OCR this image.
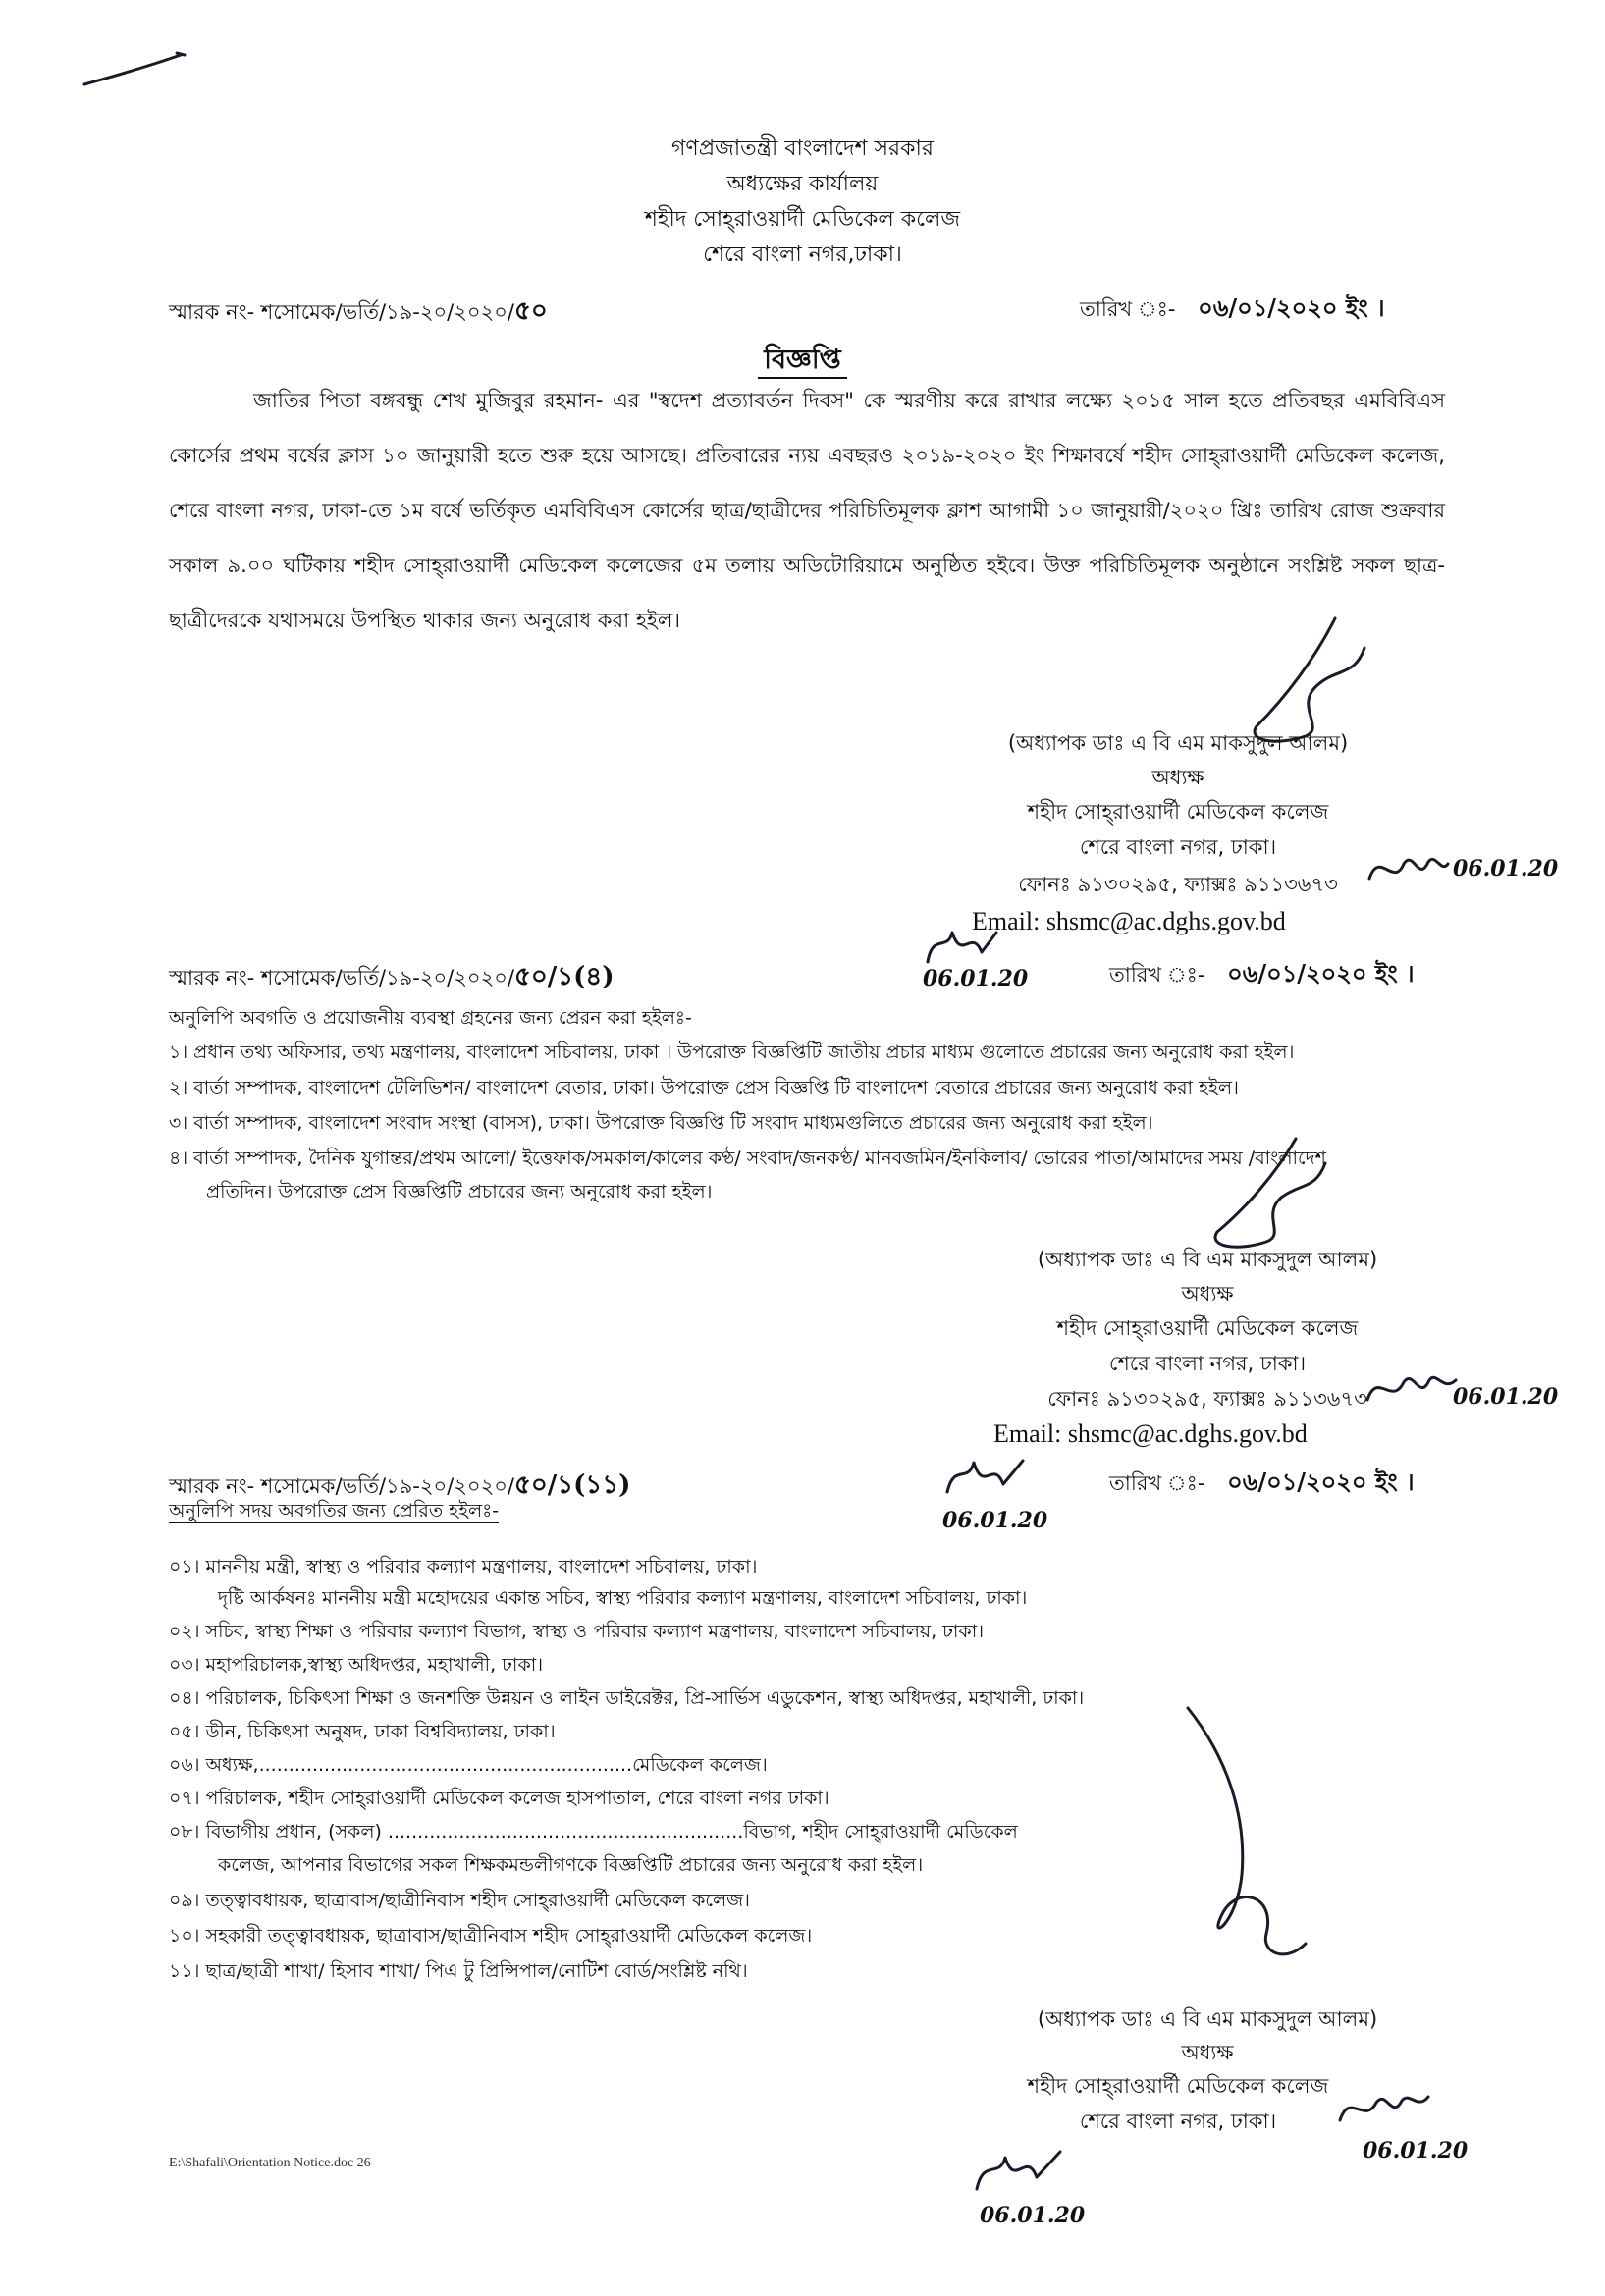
গণপ্রজাতন্ত্রী বাংলাদেশ সরকার
অধ্যক্ষের কার্যালয়
শহীদ সোহ্‌রাওয়ার্দী মেডিকেল কলেজ
শেরে বাংলা নগর,ঢাকা।
স্মারক নং- শসোমেক/ভর্তি/১৯-২০/২০২০/৫০	তারিখ ঃ- ০৬/০১/২০২০ ইং ।
বিজ্ঞপ্তি
জাতির পিতা বঙ্গবন্ধু শেখ মুজিবুর রহমান- এর "স্বদেশ প্রত্যাবর্তন দিবস" কে স্মরণীয় করে রাখার লক্ষ্যে ২০১৫ সাল হতে প্রতিবছর এমবিবিএস কোর্সের প্রথম বর্ষের ক্লাস ১০ জানুয়ারী হতে শুরু হয়ে আসছে। প্রতিবারের ন্যয় এবছরও ২০১৯-২০২০ ইং শিক্ষাবর্ষে শহীদ সোহ্‌রাওয়ার্দী মেডিকেল কলেজ, শেরে বাংলা নগর, ঢাকা-তে ১ম বর্ষে ভর্তিকৃত এমবিবিএস কোর্সের ছাত্র/ছাত্রীদের পরিচিতিমূলক ক্লাশ আগামী ১০ জানুয়ারী/২০২০ খ্রিঃ তারিখ রোজ শুক্রবার সকাল ৯.০০ ঘটিকায় শহীদ সোহ্‌রাওয়ার্দী মেডিকেল কলেজের ৫ম তলায় অডিটোরিয়ামে অনুষ্ঠিত হইবে। উক্ত পরিচিতিমূলক অনুষ্ঠানে সংশ্লিষ্ট সকল ছাত্র-ছাত্রীদেরকে যথাসময়ে উপস্থিত থাকার জন্য অনুরোধ করা হইল।
(অধ্যাপক ডাঃ এ বি এম মাকসুদুল আলম)
অধ্যক্ষ
শহীদ সোহ্‌রাওয়ার্দী মেডিকেল কলেজ
শেরে বাংলা নগর, ঢাকা।
ফোনঃ ৯১৩০২৯৫, ফ্যাক্সঃ ৯১১৩৬৭৩
Email: shsmc@ac.dghs.gov.bd
06.01.20
স্মারক নং- শসোমেক/ভর্তি/১৯-২০/২০২০/৫০/১(৪)	06.01.20	তারিখ ঃ- ০৬/০১/২০২০ ইং ।
অনুলিপি অবগতি ও প্রয়োজনীয় ব্যবস্থা গ্রহনের জন্য প্রেরন করা হইলঃ-
১। প্রধান তথ্য অফিসার, তথ্য মন্ত্রণালয়, বাংলাদেশ সচিবালয়, ঢাকা । উপরোক্ত বিজ্ঞপ্তিটি জাতীয় প্রচার মাধ্যম গুলোতে প্রচারের জন্য অনুরোধ করা হইল।
২। বার্তা সম্পাদক, বাংলাদেশ টেলিভিশন/ বাংলাদেশ বেতার, ঢাকা। উপরোক্ত প্রেস বিজ্ঞপ্তি টি বাংলাদেশ বেতারে প্রচারের জন্য অনুরোধ করা হইল।
৩। বার্তা সম্পাদক, বাংলাদেশ সংবাদ সংস্থা (বাসস), ঢাকা। উপরোক্ত বিজ্ঞপ্তি টি সংবাদ মাধ্যমগুলিতে প্রচারের জন্য অনুরোধ করা হইল।
৪। বার্তা সম্পাদক, দৈনিক যুগান্তর/প্রথম আলো/ ইত্তেফাক/সমকাল/কালের কণ্ঠ/ সংবাদ/জনকণ্ঠ/ মানবজমিন/ইনকিলাব/ ভোরের পাতা/আমাদের সময় /বাংলাদেশ
প্রতিদিন। উপরোক্ত প্রেস বিজ্ঞপ্তিটি প্রচারের জন্য অনুরোধ করা হইল।
(অধ্যাপক ডাঃ এ বি এম মাকসুদুল আলম)
অধ্যক্ষ
শহীদ সোহ্‌রাওয়ার্দী মেডিকেল কলেজ
শেরে বাংলা নগর, ঢাকা।
ফোনঃ ৯১৩০২৯৫, ফ্যাক্সঃ ৯১১৩৬৭৩
Email: shsmc@ac.dghs.gov.bd
06.01.20
স্মারক নং- শসোমেক/ভর্তি/১৯-২০/২০২০/৫০/১(১১)
06.01.20
তারিখ ঃ- ০৬/০১/২০২০ ইং ।
অনুলিপি সদয় অবগতির জন্য প্রেরিত হইলঃ-
০১। মাননীয় মন্ত্রী, স্বাস্থ্য ও পরিবার কল্যাণ মন্ত্রণালয়, বাংলাদেশ সচিবালয়, ঢাকা।
দৃষ্টি আর্কষনঃ মাননীয় মন্ত্রী মহোদয়ের একান্ত সচিব, স্বাস্থ্য পরিবার কল্যাণ মন্ত্রণালয়, বাংলাদেশ সচিবালয়, ঢাকা।
০২। সচিব, স্বাস্থ্য শিক্ষা ও পরিবার কল্যাণ বিভাগ, স্বাস্থ্য ও পরিবার কল্যাণ মন্ত্রণালয়, বাংলাদেশ সচিবালয়, ঢাকা।
০৩। মহাপরিচালক,স্বাস্থ্য অধিদপ্তর, মহাখালী, ঢাকা।
০৪। পরিচালক, চিকিৎসা শিক্ষা ও জনশক্তি উন্নয়ন ও লাইন ডাইরেক্টর, প্রি-সার্ভিস এডুকেশন, স্বাস্থ্য অধিদপ্তর, মহাখালী, ঢাকা।
০৫। ডীন, চিকিৎসা অনুষদ, ঢাকা বিশ্ববিদ্যালয়, ঢাকা।
০৬। অধ্যক্ষ,...............................................................মেডিকেল কলেজ।
০৭। পরিচালক, শহীদ সোহ্‌রাওয়ার্দী মেডিকেল কলেজ হাসপাতাল, শেরে বাংলা নগর ঢাকা।
০৮। বিভাগীয় প্রধান, (সকল) ............................................................বিভাগ, শহীদ সোহ্‌রাওয়ার্দী মেডিকেল
কলেজ, আপনার বিভাগের সকল শিক্ষকমন্ডলীগণকে বিজ্ঞপ্তিটি প্রচারের জন্য অনুরোধ করা হইল।
০৯। তত্ত্বাবধায়ক, ছাত্রাবাস/ছাত্রীনিবাস শহীদ সোহ্‌রাওয়ার্দী মেডিকেল কলেজ।
১০। সহকারী তত্ত্বাবধায়ক, ছাত্রাবাস/ছাত্রীনিবাস শহীদ সোহ্‌রাওয়ার্দী মেডিকেল কলেজ।
১১। ছাত্র/ছাত্রী শাখা/ হিসাব শাখা/ পিএ টু প্রিন্সিপাল/নোটিশ বোর্ড/সংশ্লিষ্ট নথি।
(অধ্যাপক ডাঃ এ বি এম মাকসুদুল আলম)
অধ্যক্ষ
শহীদ সোহ্‌রাওয়ার্দী মেডিকেল কলেজ
শেরে বাংলা নগর, ঢাকা।
06.01.20
06.01.20
E:\Shafali\Orientation Notice.doc 26
